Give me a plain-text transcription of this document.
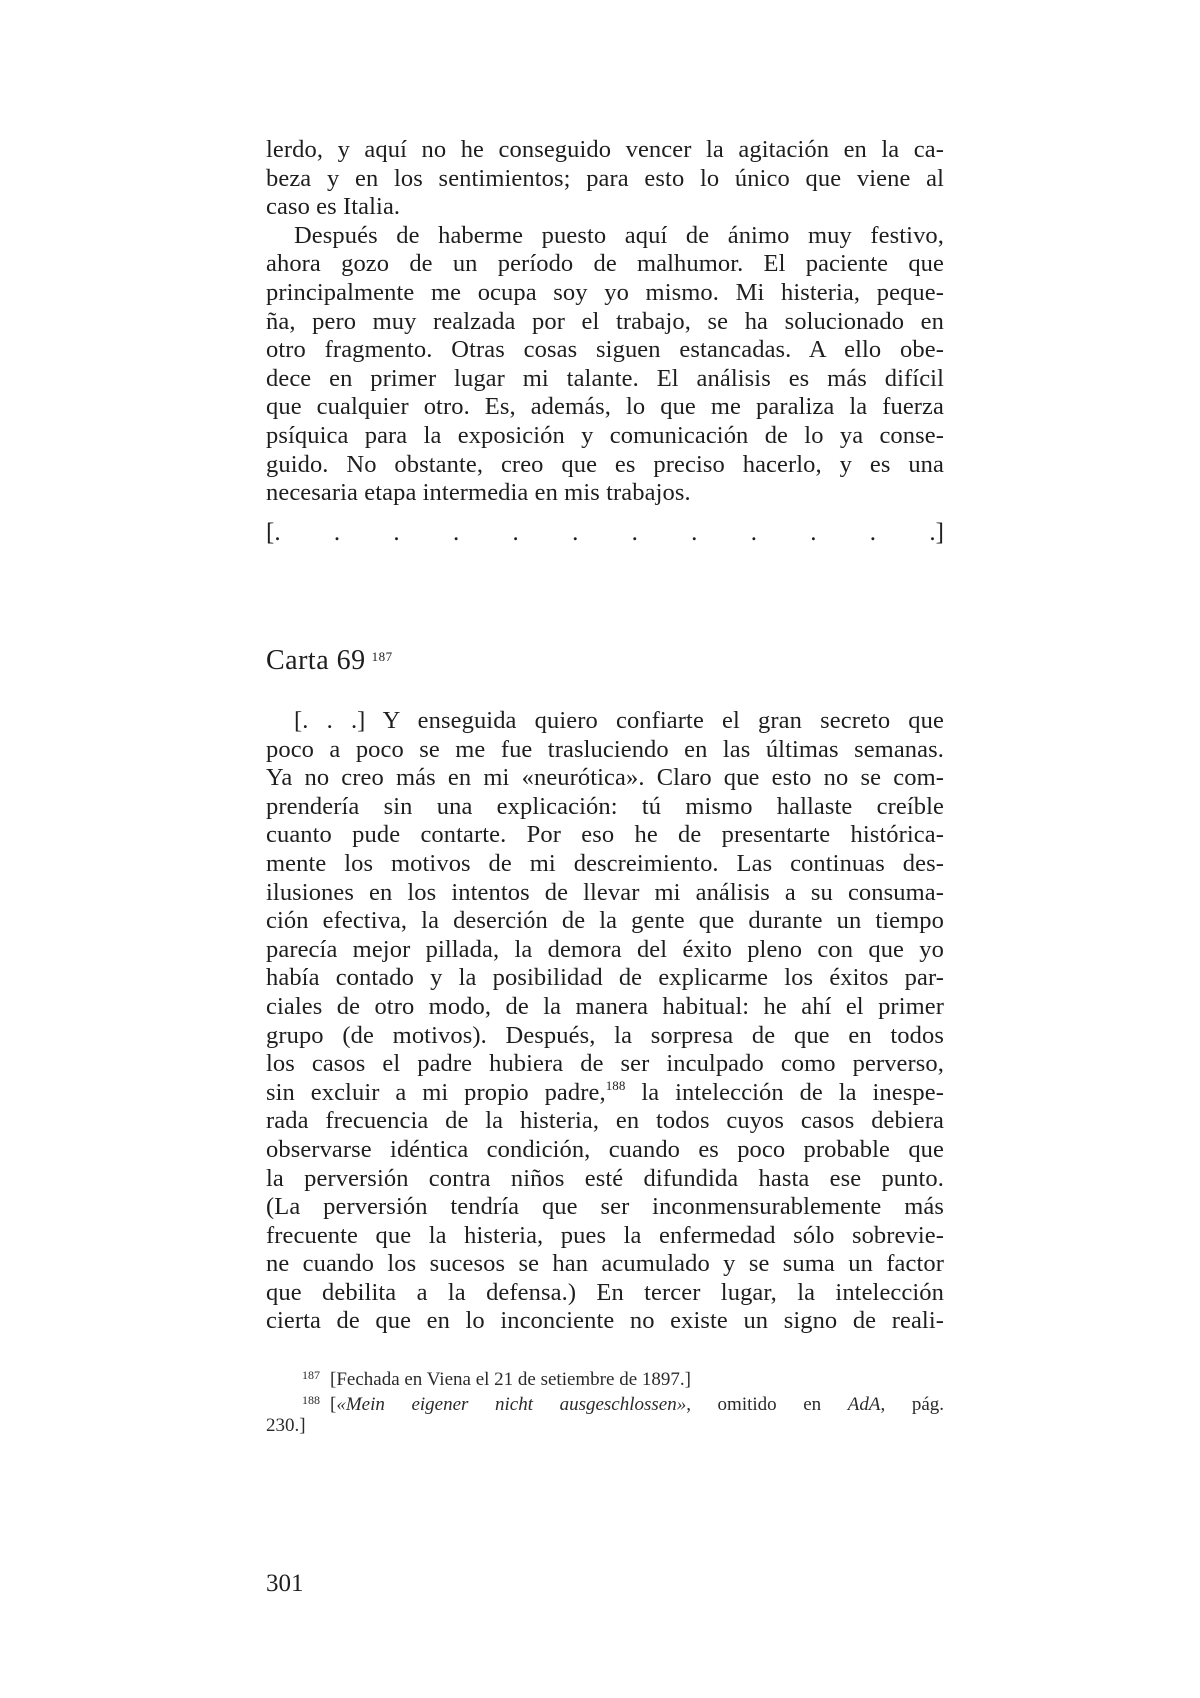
lerdo, y aquí no he conseguido vencer la agitación en la ca-
beza y en los sentimientos; para esto lo único que viene al
caso es Italia.
Después de haberme puesto aquí de ánimo muy festivo,
ahora gozo de un período de malhumor. El paciente que
principalmente me ocupa soy yo mismo. Mi histeria, peque-
ña, pero muy realzada por el trabajo, se ha solucionado en
otro fragmento. Otras cosas siguen estancadas. A ello obe-
dece en primer lugar mi talante. El análisis es más difícil
que cualquier otro. Es, además, lo que me paraliza la fuerza
psíquica para la exposición y comunicación de lo ya conse-
guido. No obstante, creo que es preciso hacerlo, y es una
necesaria etapa intermedia en mis trabajos.
[. . . . . . . . . . . .]
Carta 69 $^{187}$
[. . .] Y enseguida quiero confiarte el gran secreto que
poco a poco se me fue trasluciendo en las últimas semanas.
Ya no creo más en mi «neurótica». Claro que esto no se com-
prendería sin una explicación: tú mismo hallaste creíble
cuanto pude contarte. Por eso he de presentarte históricа-
mente los motivos de mi descreimiento. Las continuas des-
ilusiones en los intentos de llevar mi análisis a su consuma-
ción efectiva, la deserción de la gente que durante un tiempo
parecía mejor pillada, la demora del éxito pleno con que yo
había contado y la posibilidad de explicarme los éxitos par-
ciales de otro modo, de la manera habitual: he ahí el primer
grupo (de motivos). Después, la sorpresa de que en todos
los casos el padre hubiera de ser inculpado como perverso,
sin excluir a mi propio padre,$^{188}$ la intelección de la inespe-
rada frecuencia de la histeria, en todos cuyos casos debiera
observarse idéntica condición, cuando es poco probable que
la perversión contra niños esté difundida hasta ese punto.
(La perversión tendría que ser inconmensurablemente más
frecuente que la histeria, pues la enfermedad sólo sobrevie-
ne cuando los sucesos se han acumulado y se suma un factor
que debilita a la defensa.) En tercer lugar, la intelección
cierta de que en lo inconciente no existe un signo de reali-
$^{187}$ [Fechada en Viena el 21 de setiembre de 1897.]
$^{188}$ [«Mein eigener nicht ausgeschlossen», omitido en AdA, pág.
230.]
301
